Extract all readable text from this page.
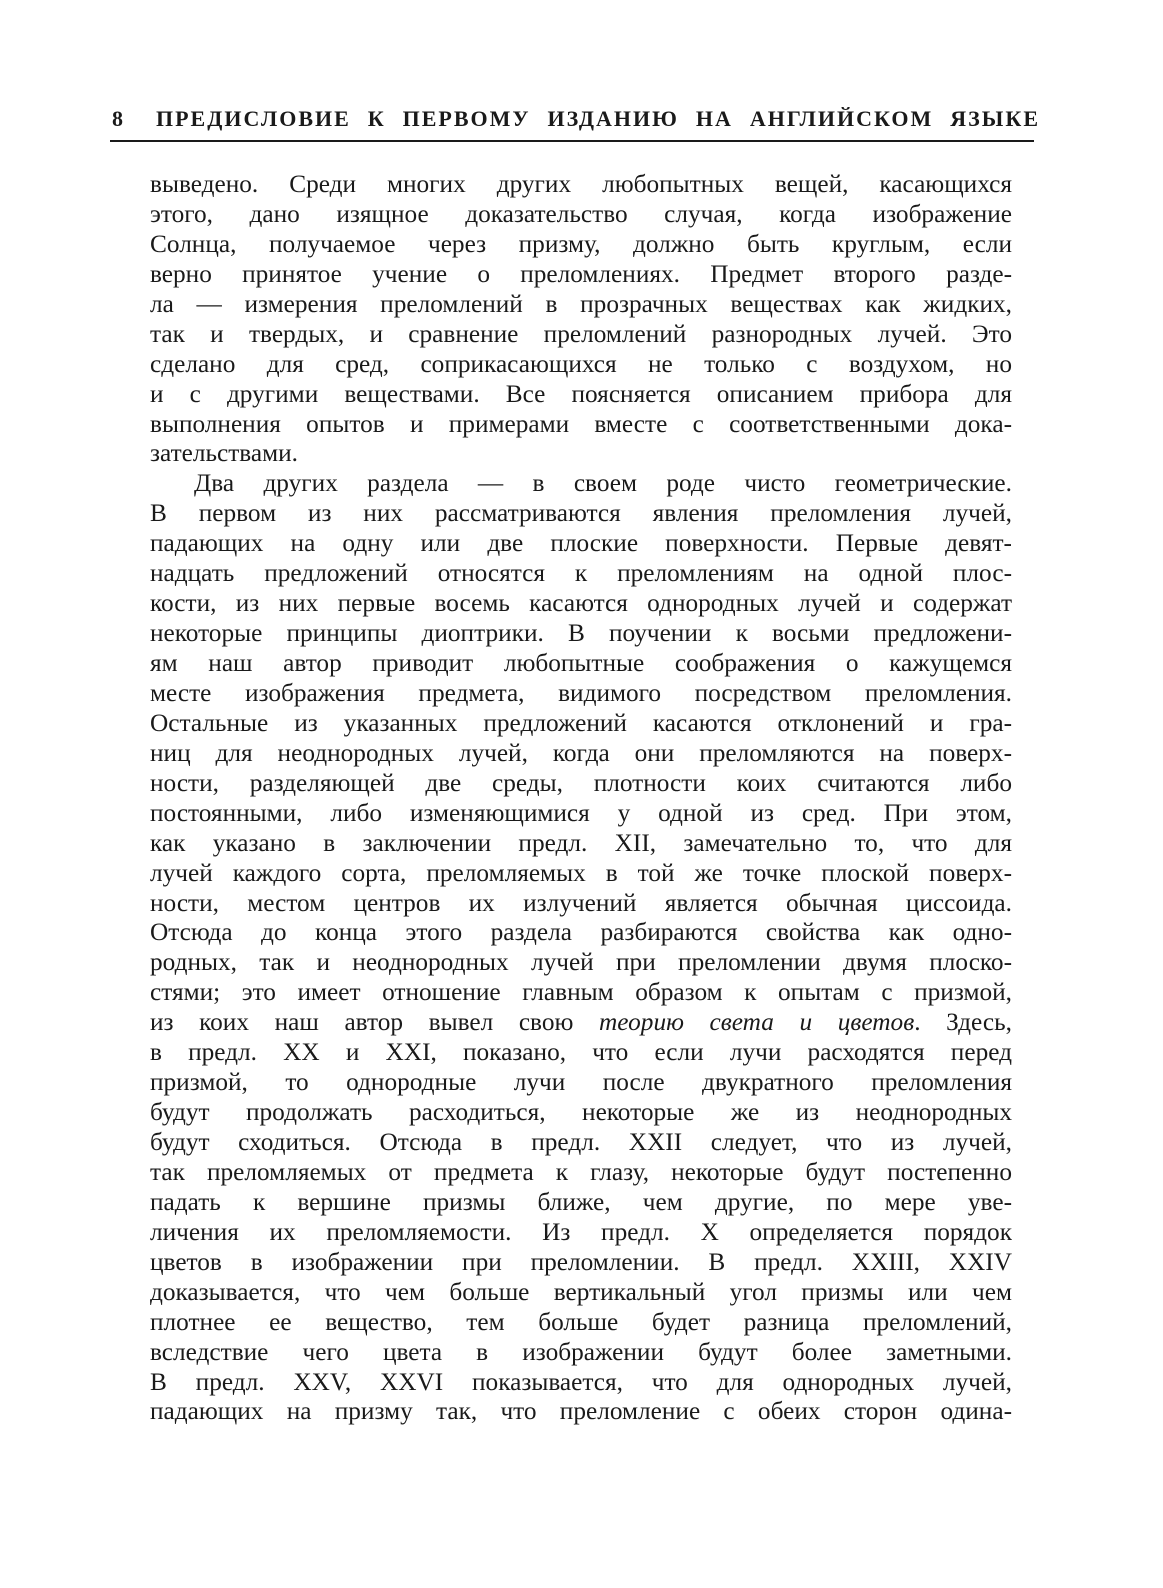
8 ПРЕДИСЛОВИЕ К ПЕРВОМУ ИЗДАНИЮ НА АНГЛИЙСКОМ ЯЗЫКЕ
выведено. Среди многих других любопытных вещей, касающихся
этого, дано изящное доказательство случая, когда изображение
Солнца, получаемое через призму, должно быть круглым, если
верно принятое учение о преломлениях. Предмет второго разде-
ла — измерения преломлений в прозрачных веществах как жидких,
так и твердых, и сравнение преломлений разнородных лучей. Это
сделано для сред, соприкасающихся не только с воздухом, но
и с другими веществами. Все поясняется описанием прибора для
выполнения опытов и примерами вместе с соответственными дока-
зательствами.
Два других раздела — в своем роде чисто геометрические.
В первом из них рассматриваются явления преломления лучей,
падающих на одну или две плоские поверхности. Первые девят-
надцать предложений относятся к преломлениям на одной плос-
кости, из них первые восемь касаются однородных лучей и содержат
некоторые принципы диоптрики. В поучении к восьми предложени-
ям наш автор приводит любопытные соображения о кажущемся
месте изображения предмета, видимого посредством преломления.
Остальные из указанных предложений касаются отклонений и гра-
ниц для неоднородных лучей, когда они преломляются на поверх-
ности, разделяющей две среды, плотности коих считаются либо
постоянными, либо изменяющимися у одной из сред. При этом,
как указано в заключении предл. XII, замечательно то, что для
лучей каждого сорта, преломляемых в той же точке плоской поверх-
ности, местом центров их излучений является обычная циссоида.
Отсюда до конца этого раздела разбираются свойства как одно-
родных, так и неоднородных лучей при преломлении двумя плоско-
стями; это имеет отношение главным образом к опытам с призмой,
из коих наш автор вывел свою теорию света и цветов. Здесь,
в предл. XX и XXI, показано, что если лучи расходятся перед
призмой, то однородные лучи после двукратного преломления
будут продолжать расходиться, некоторые же из неоднородных
будут сходиться. Отсюда в предл. XXII следует, что из лучей,
так преломляемых от предмета к глазу, некоторые будут постепенно
падать к вершине призмы ближе, чем другие, по мере уве-
личения их преломляемости. Из предл. X определяется порядок
цветов в изображении при преломлении. В предл. XXIII, XXIV
доказывается, что чем больше вертикальный угол призмы или чем
плотнее ее вещество, тем больше будет разница преломлений,
вследствие чего цвета в изображении будут более заметными.
В предл. XXV, XXVI показывается, что для однородных лучей,
падающих на призму так, что преломление с обеих сторон одина-
